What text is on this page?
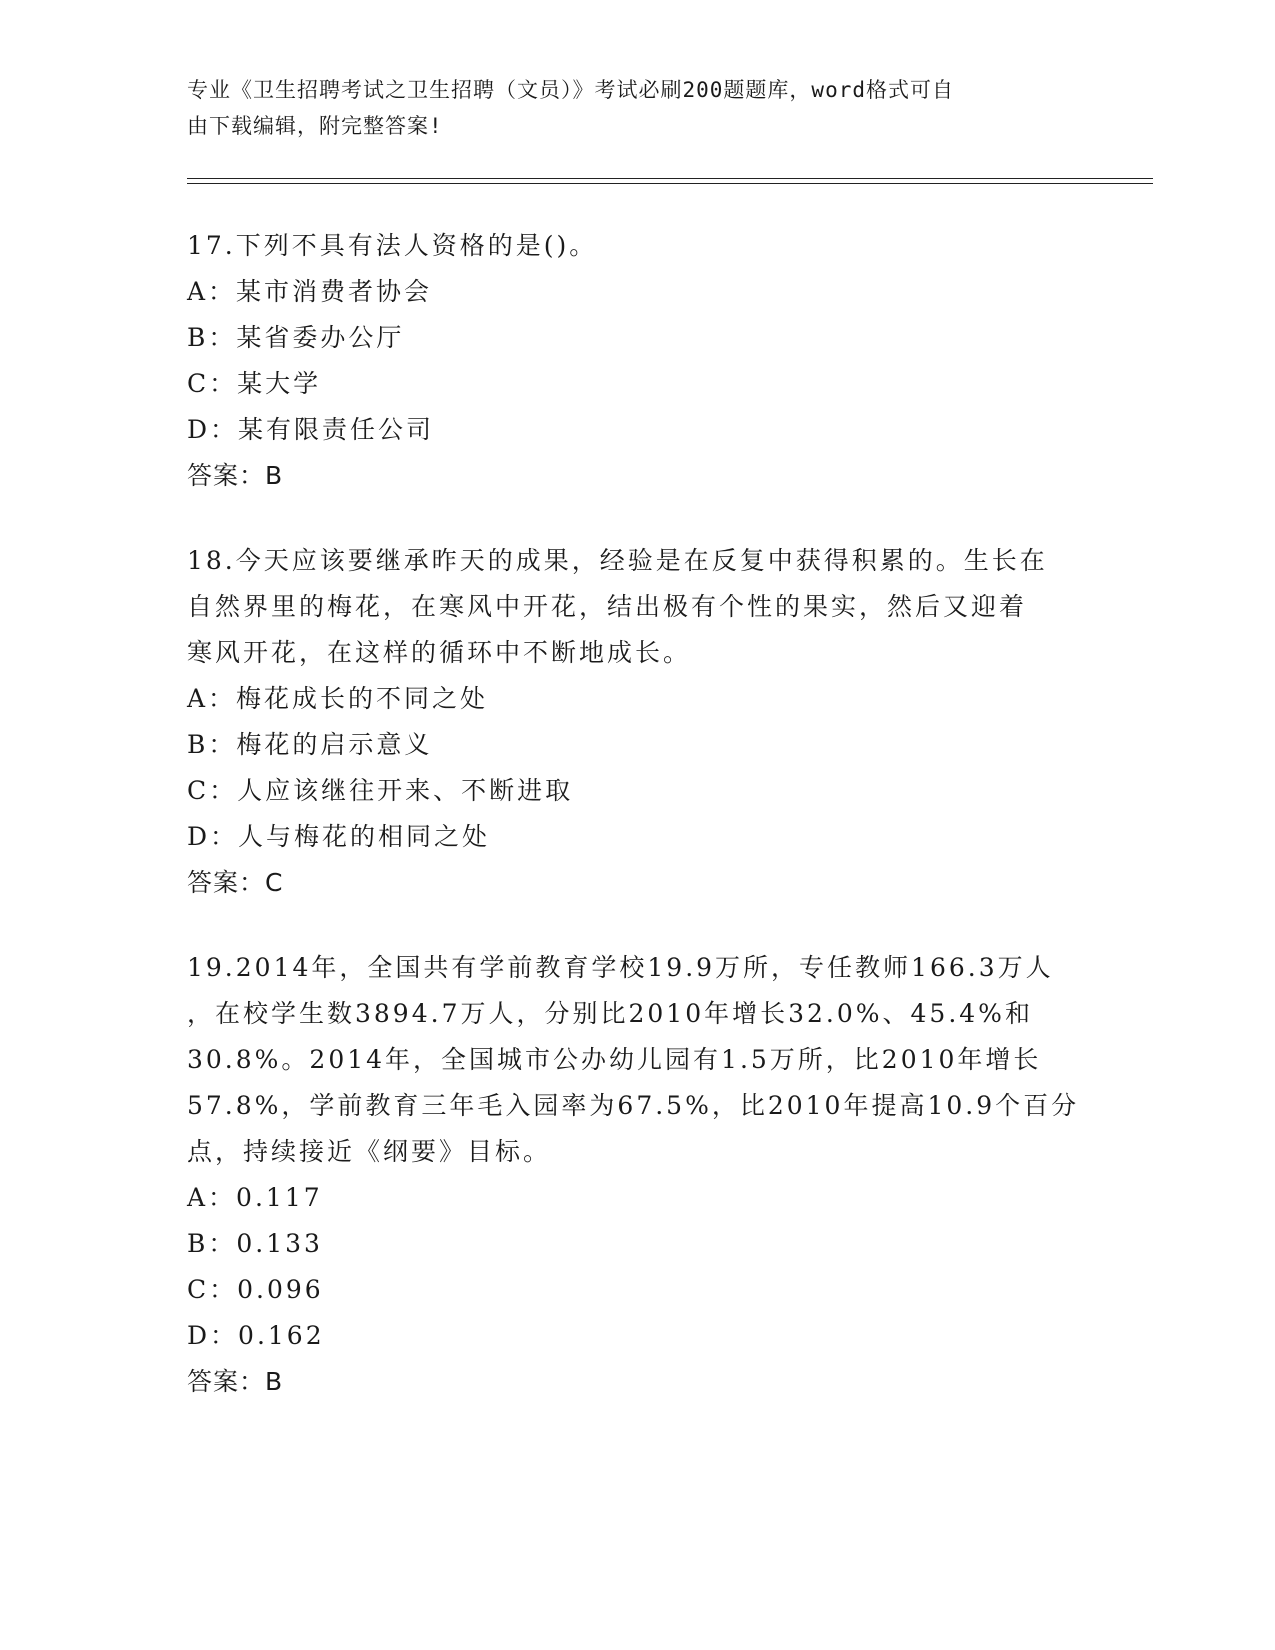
专业《卫生招聘考试之卫生招聘（文员）》考试必刷200题题库，word格式可自
由下载编辑，附完整答案!
17.下列不具有法人资格的是()。
A：某市消费者协会
B：某省委办公厅
C：某大学
D：某有限责任公司
答案：B
18.今天应该要继承昨天的成果，经验是在反复中获得积累的。生长在
自然界里的梅花，在寒风中开花，结出极有个性的果实，然后又迎着
寒风开花，在这样的循环中不断地成长。
A：梅花成长的不同之处
B：梅花的启示意义
C：人应该继往开来、不断进取
D：人与梅花的相同之处
答案：C
19.2014年，全国共有学前教育学校19.9万所，专任教师166.3万人
，在校学生数3894.7万人，分别比2010年增长32.0%、45.4%和
30.8%。2014年，全国城市公办幼儿园有1.5万所，比2010年增长
57.8%，学前教育三年毛入园率为67.5%，比2010年提高10.9个百分
点，持续接近《纲要》目标。
A：0.117
B：0.133
C：0.096
D：0.162
答案：B
